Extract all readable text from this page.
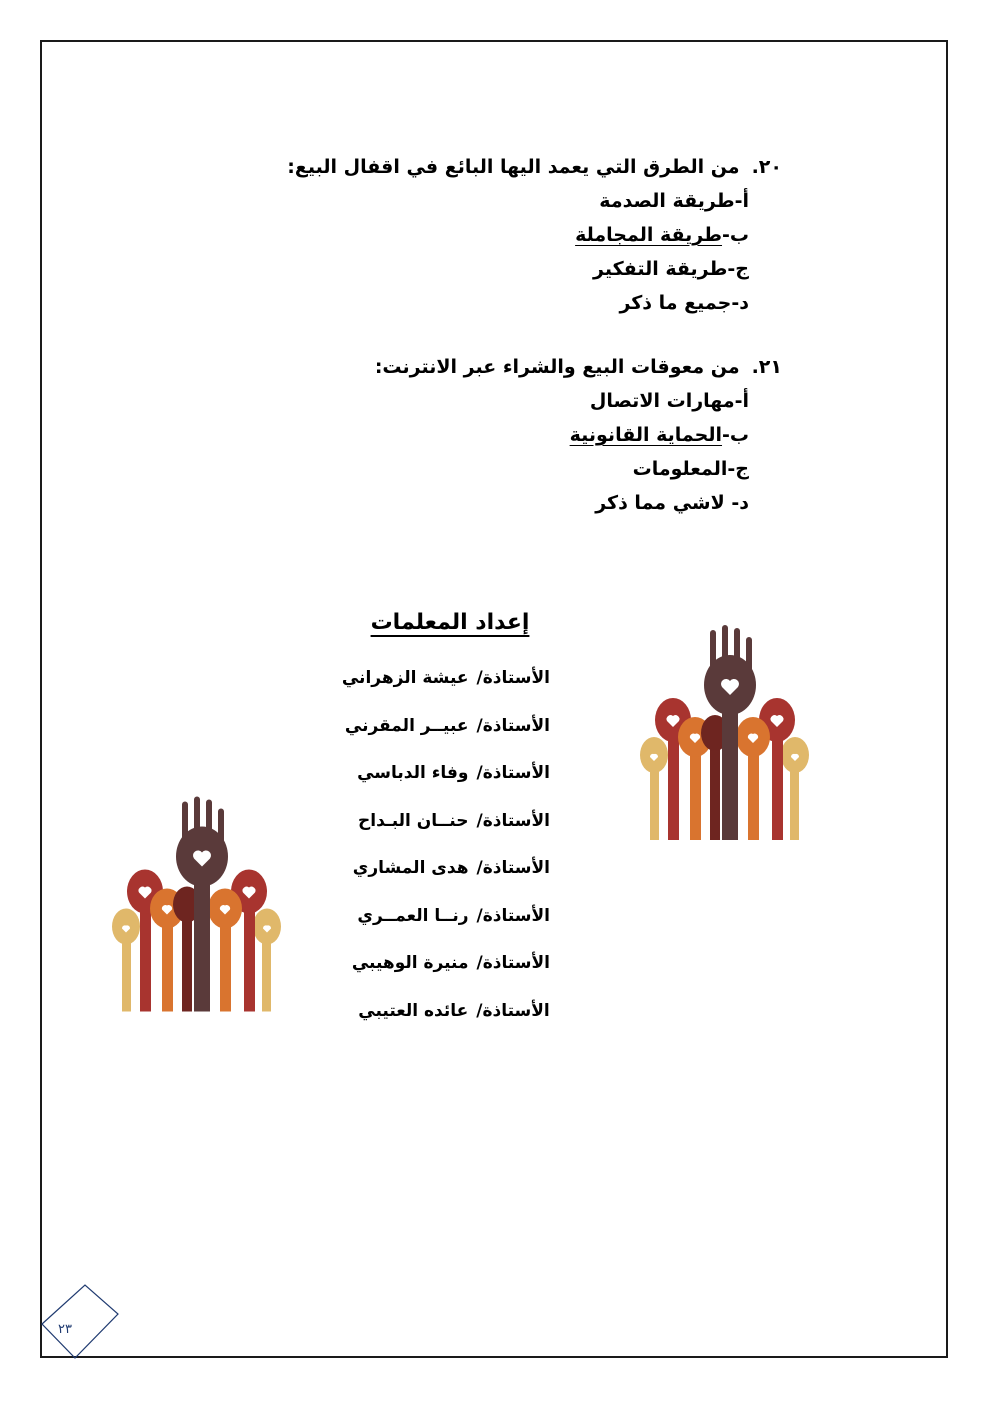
٢٠.
من الطرق التي يعمد اليها البائع في اقفال البيع:
أ-طريقة الصدمة
ب-طريقة المجاملة
ج-طريقة التفكير
د-جميع ما ذكر
٢١.
من معوقات البيع والشراء عبر الانترنت:
أ-مهارات الاتصال
ب-الحماية القانونية
ج-المعلومات
د- لاشي مما ذكر
إعداد المعلمات
الأستاذة/عيشة الزهراني
الأستاذة/عبيــر المقرني
الأستاذة/وفاء الدباسي
الأستاذة/حنــان البـداح
الأستاذة/هدى المشاري
الأستاذة/رنــا العمــري
الأستاذة/منيرة الوهيبي
الأستاذة/عائده العتيبي
٢٣
